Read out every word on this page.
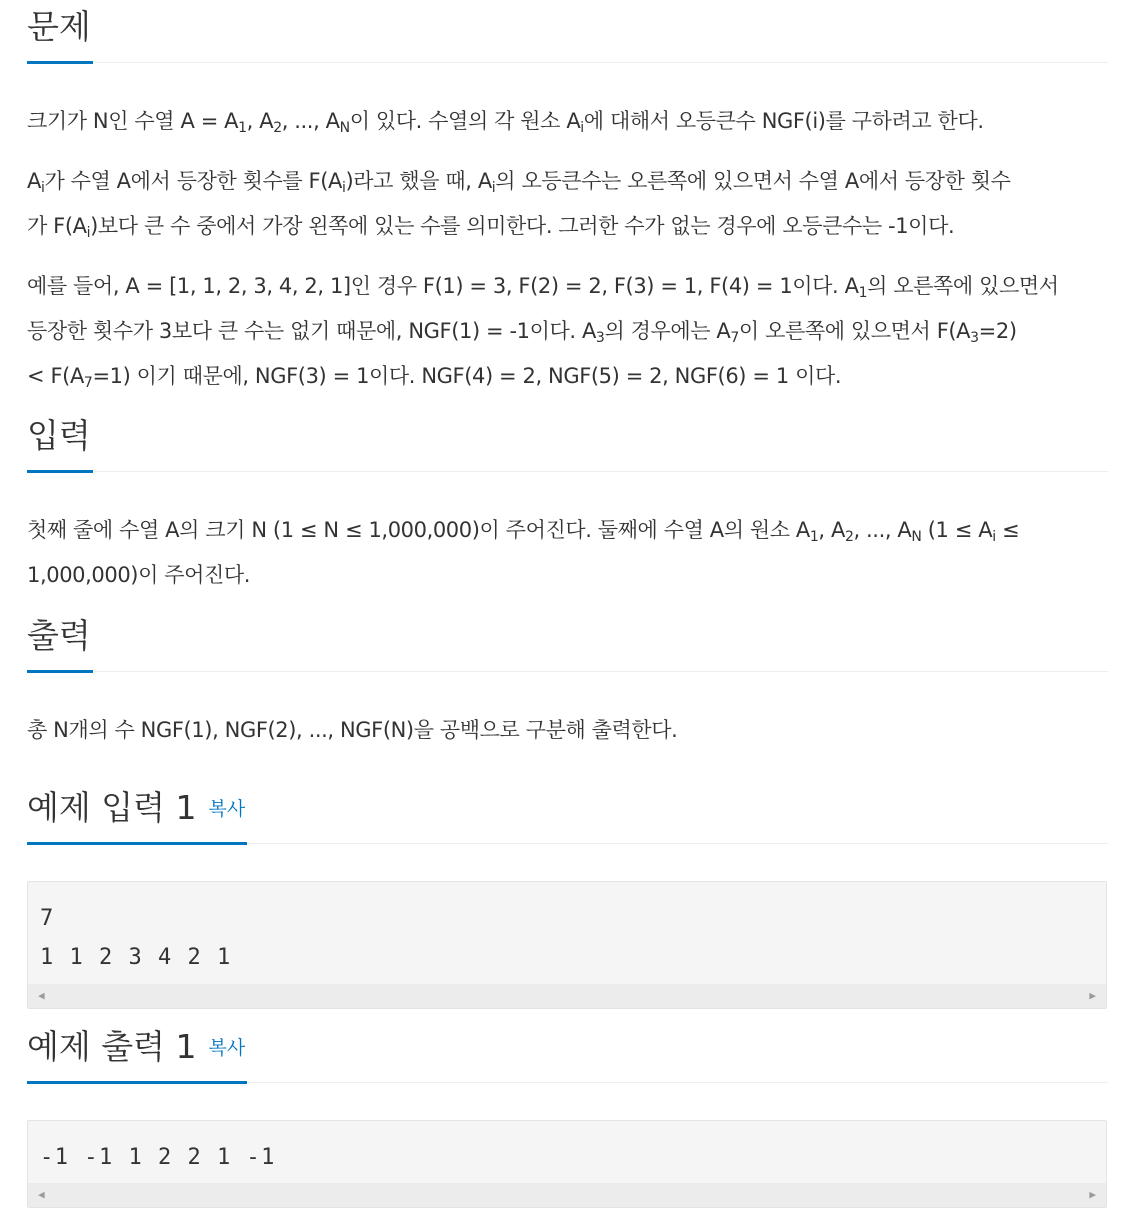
문제

크기가 N인 수열 $A = A_1$, $A_2$, ..., $A_N$이 있다. 수열의 각 원소 $A_i$에 대해서 오등큰수 NGF(i)를 구하려고 한다.

$A_i$가 수열 A에서 등장한 횟수를 $F(A_i)$라고 했을 때, $A_i$의 오등큰수는 오른쪽에 있으면서 수열 A에서 등장한 횟수
가 $F(A_i)$보다 큰 수 중에서 가장 왼쪽에 있는 수를 의미한다. 그러한 수가 없는 경우에 오등큰수는 -1이다.

예를 들어, A = [1, 1, 2, 3, 4, 2, 1]인 경우 F(1) = 3, F(2) = 2, F(3) = 1, F(4) = 1이다. $A_1$의 오른쪽에 있으면서
등장한 횟수가 3보다 큰 수는 없기 때문에, NGF(1) = -1이다. $A_3$의 경우에는 $A_7$이 오른쪽에 있으면서 $F(A_3=2)$
< $F(A_7=1)$ 이기 때문에, NGF(3) = 1이다. NGF(4) = 2, NGF(5) = 2, NGF(6) = 1 이다.

입력

첫째 줄에 수열 A의 크기 N (1 ≤ N ≤ 1,000,000)이 주어진다. 둘째에 수열 A의 원소 $A_1$, $A_2$, ..., $A_N$ ($1 \le A_i$ ≤
1,000,000)이 주어진다.

출력

총 N개의 수 NGF(1), NGF(2), ..., NGF(N)을 공백으로 구분해 출력한다.

예제 입력 1 복사
7
1 1 2 3 4 2 1
◀	▶
예제 출력 1 복사
-1 -1 1 2 2 1 -1
◀	▶
